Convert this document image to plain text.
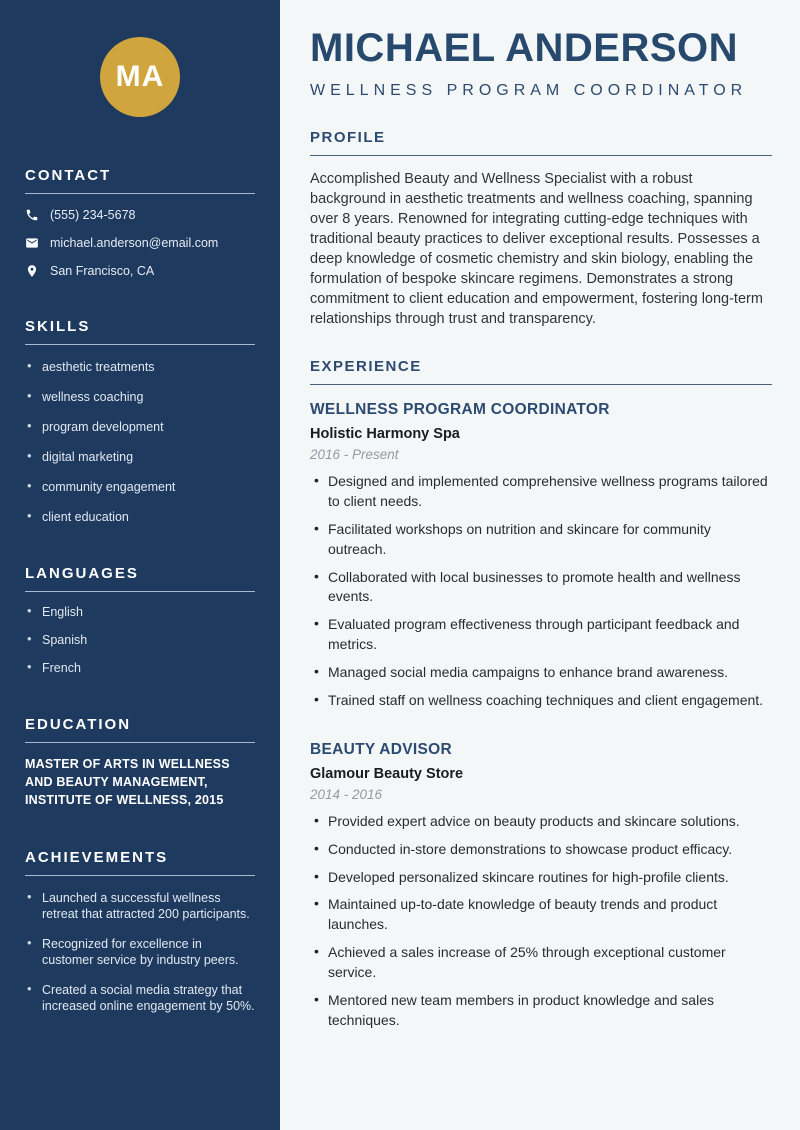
MA
CONTACT
(555) 234-5678
michael.anderson@email.com
San Francisco, CA
SKILLS
• aesthetic treatments
• wellness coaching
• program development
• digital marketing
• community engagement
• client education
LANGUAGES
• English
• Spanish
• French
EDUCATION
MASTER OF ARTS IN WELLNESS AND BEAUTY MANAGEMENT, INSTITUTE OF WELLNESS, 2015
ACHIEVEMENTS
• Launched a successful wellness retreat that attracted 200 participants.
• Recognized for excellence in customer service by industry peers.
• Created a social media strategy that increased online engagement by 50%.
MICHAEL ANDERSON
WELLNESS PROGRAM COORDINATOR
PROFILE

Accomplished Beauty and Wellness Specialist with a robust background in aesthetic treatments and wellness coaching, spanning over 8 years. Renowned for integrating cutting-edge techniques with traditional beauty practices to deliver exceptional results. Possesses a deep knowledge of cosmetic chemistry and skin biology, enabling the formulation of bespoke skincare regimens. Demonstrates a strong commitment to client education and empowerment, fostering long-term relationships through trust and transparency.

EXPERIENCE
WELLNESS PROGRAM COORDINATOR
Holistic Harmony Spa
2016 - Present
• Designed and implemented comprehensive wellness programs tailored to client needs.
• Facilitated workshops on nutrition and skincare for community outreach.
• Collaborated with local businesses to promote health and wellness events.
• Evaluated program effectiveness through participant feedback and metrics.
• Managed social media campaigns to enhance brand awareness.
• Trained staff on wellness coaching techniques and client engagement.
BEAUTY ADVISOR
Glamour Beauty Store
2014 - 2016
• Provided expert advice on beauty products and skincare solutions.
• Conducted in-store demonstrations to showcase product efficacy.
• Developed personalized skincare routines for high-profile clients.
• Maintained up-to-date knowledge of beauty trends and product launches.
• Achieved a sales increase of 25% through exceptional customer service.
• Mentored new team members in product knowledge and sales techniques.
